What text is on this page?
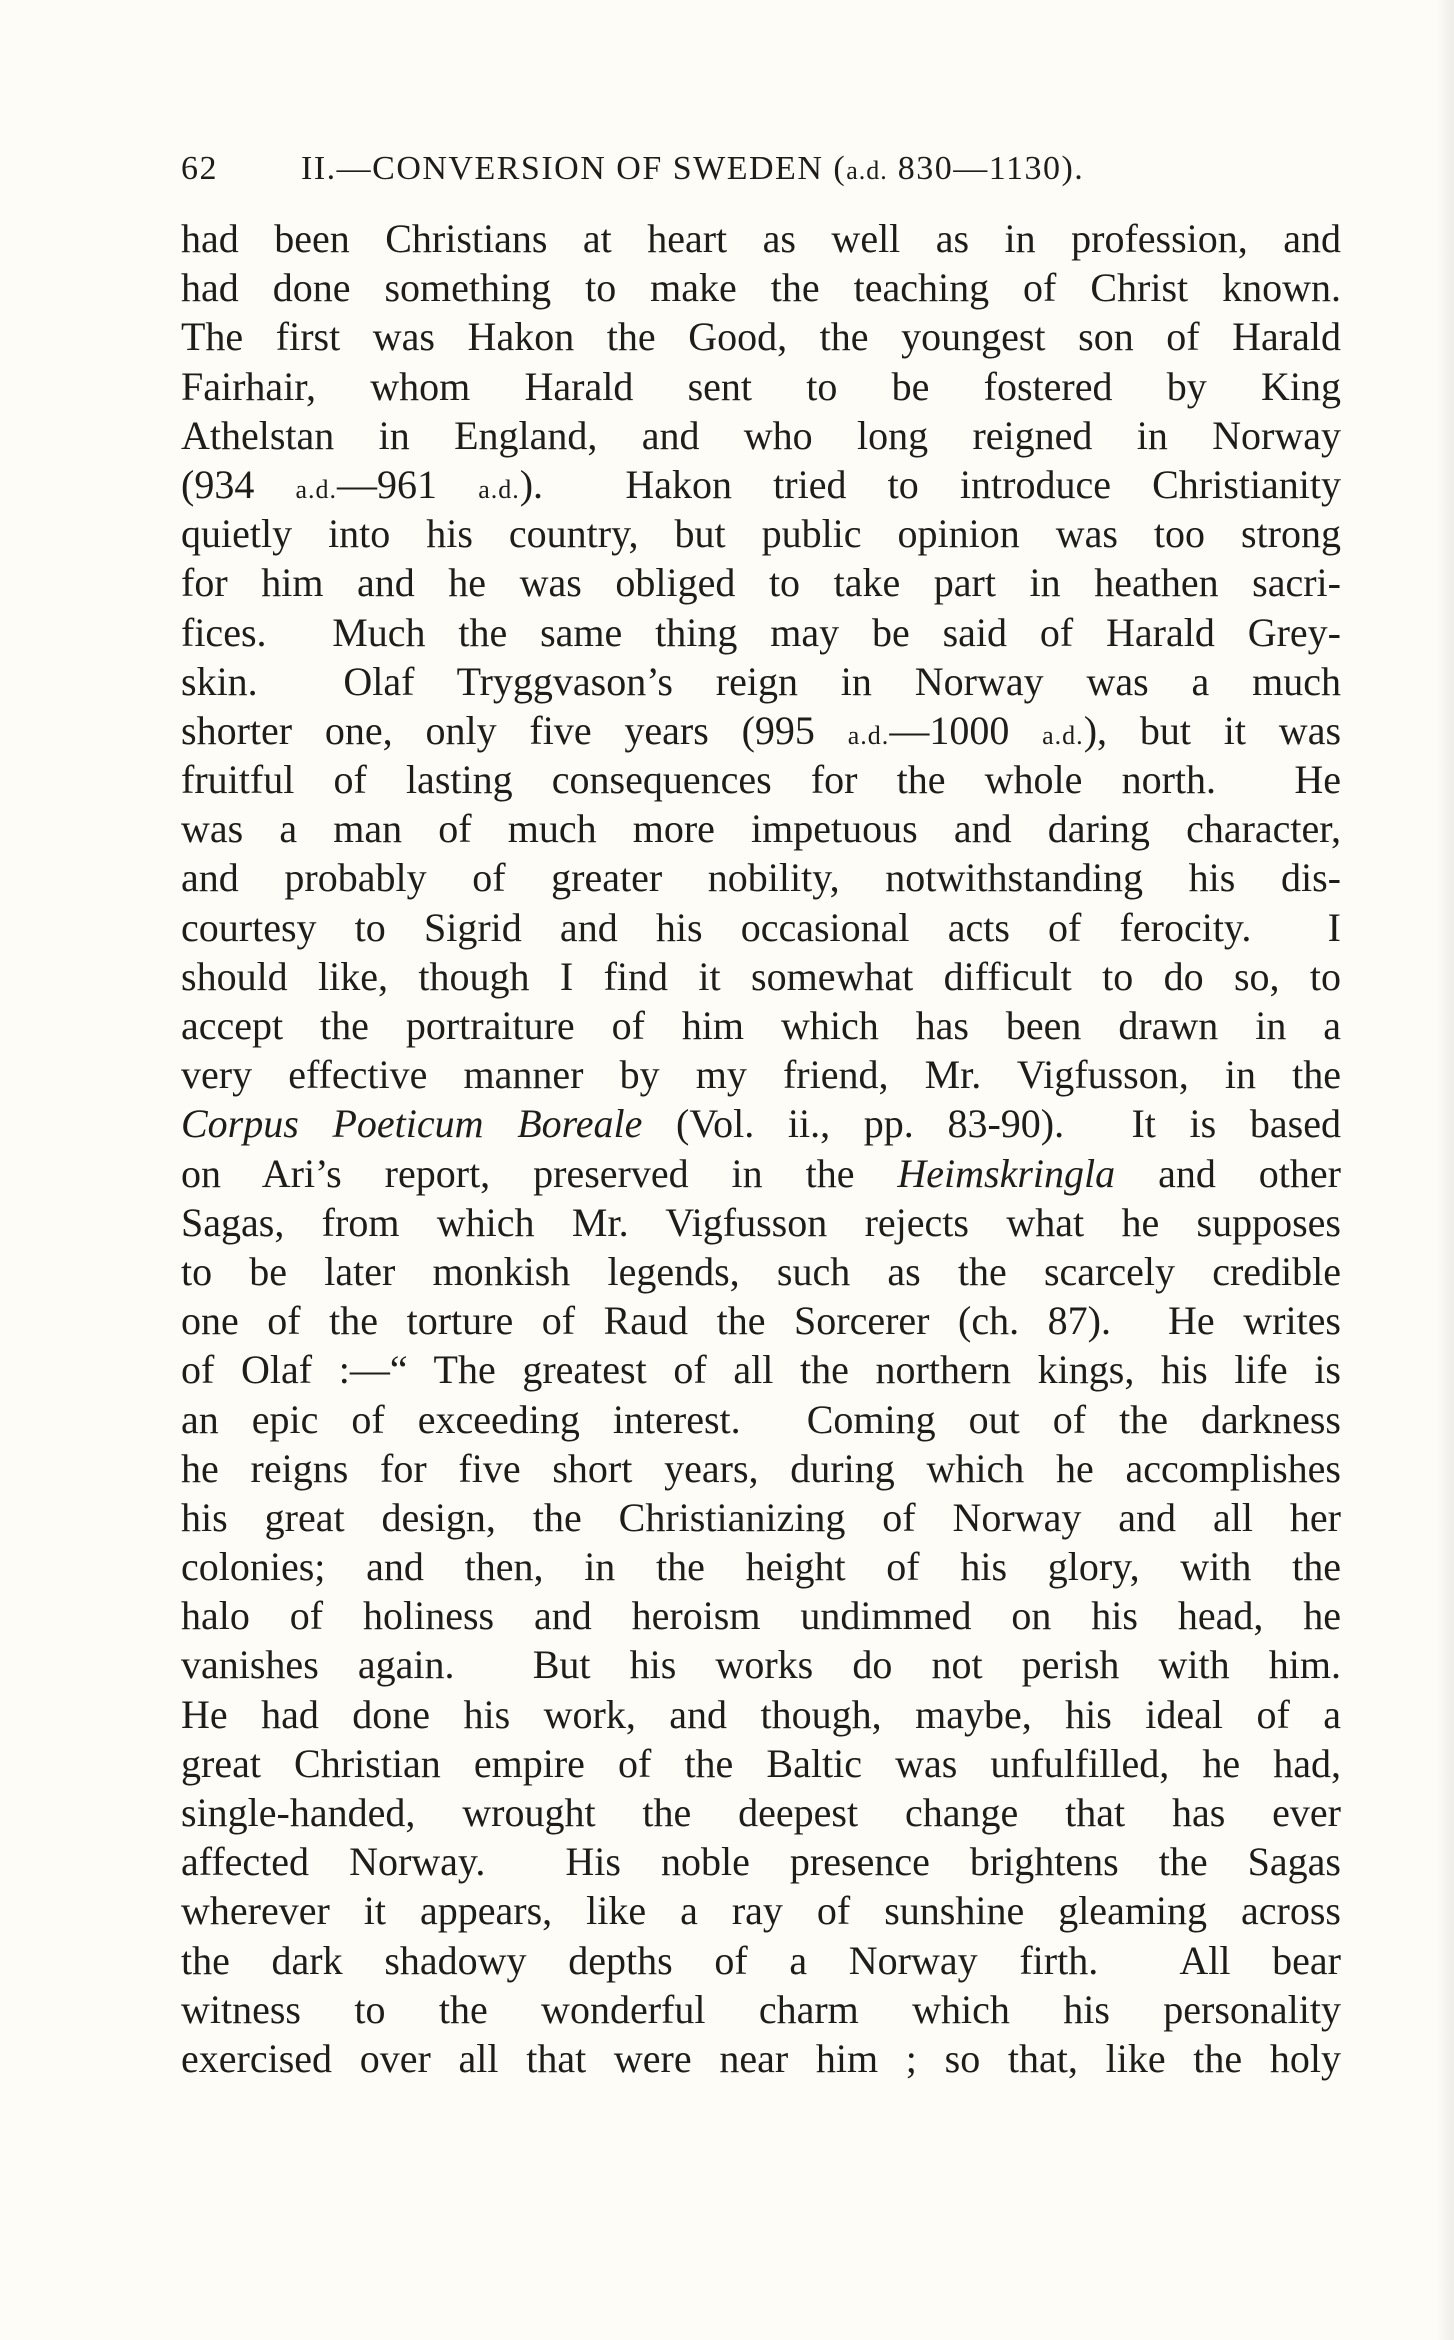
62 II.—CONVERSION OF SWEDEN (a.d. 830—1130).
had been Christians at heart as well as in profession, and
had done something to make the teaching of Christ known.
The first was Hakon the Good, the youngest son of Harald
Fairhair, whom Harald sent to be fostered by King
Athelstan in England, and who long reigned in Norway
(934 a.d.—961 a.d.).  Hakon tried to introduce Christianity
quietly into his country, but public opinion was too strong
for him and he was obliged to take part in heathen sacri-
fices.  Much the same thing may be said of Harald Grey-
skin.  Olaf Tryggvason’s reign in Norway was a much
shorter one, only five years (995 a.d.—1000 a.d.), but it was
fruitful of lasting consequences for the whole north.  He
was a man of much more impetuous and daring character,
and probably of greater nobility, notwithstanding his dis-
courtesy to Sigrid and his occasional acts of ferocity.  I
should like, though I find it somewhat difficult to do so, to
accept the portraiture of him which has been drawn in a
very effective manner by my friend, Mr. Vigfusson, in the
Corpus Poeticum Boreale (Vol. ii., pp. 83-90).  It is based
on Ari’s report, preserved in the Heimskringla and other
Sagas, from which Mr. Vigfusson rejects what he supposes
to be later monkish legends, such as the scarcely credible
one of the torture of Raud the Sorcerer (ch. 87).  He writes
of Olaf :—“ The greatest of all the northern kings, his life is
an epic of exceeding interest.  Coming out of the darkness
he reigns for five short years, during which he accomplishes
his great design, the Christianizing of Norway and all her
colonies; and then, in the height of his glory, with the
halo of holiness and heroism undimmed on his head, he
vanishes again.  But his works do not perish with him.
He had done his work, and though, maybe, his ideal of a
great Christian empire of the Baltic was unfulfilled, he had,
single-handed, wrought the deepest change that has ever
affected Norway.  His noble presence brightens the Sagas
wherever it appears, like a ray of sunshine gleaming across
the dark shadowy depths of a Norway firth.  All bear
witness to the wonderful charm which his personality
exercised over all that were near him ; so that, like the holy
